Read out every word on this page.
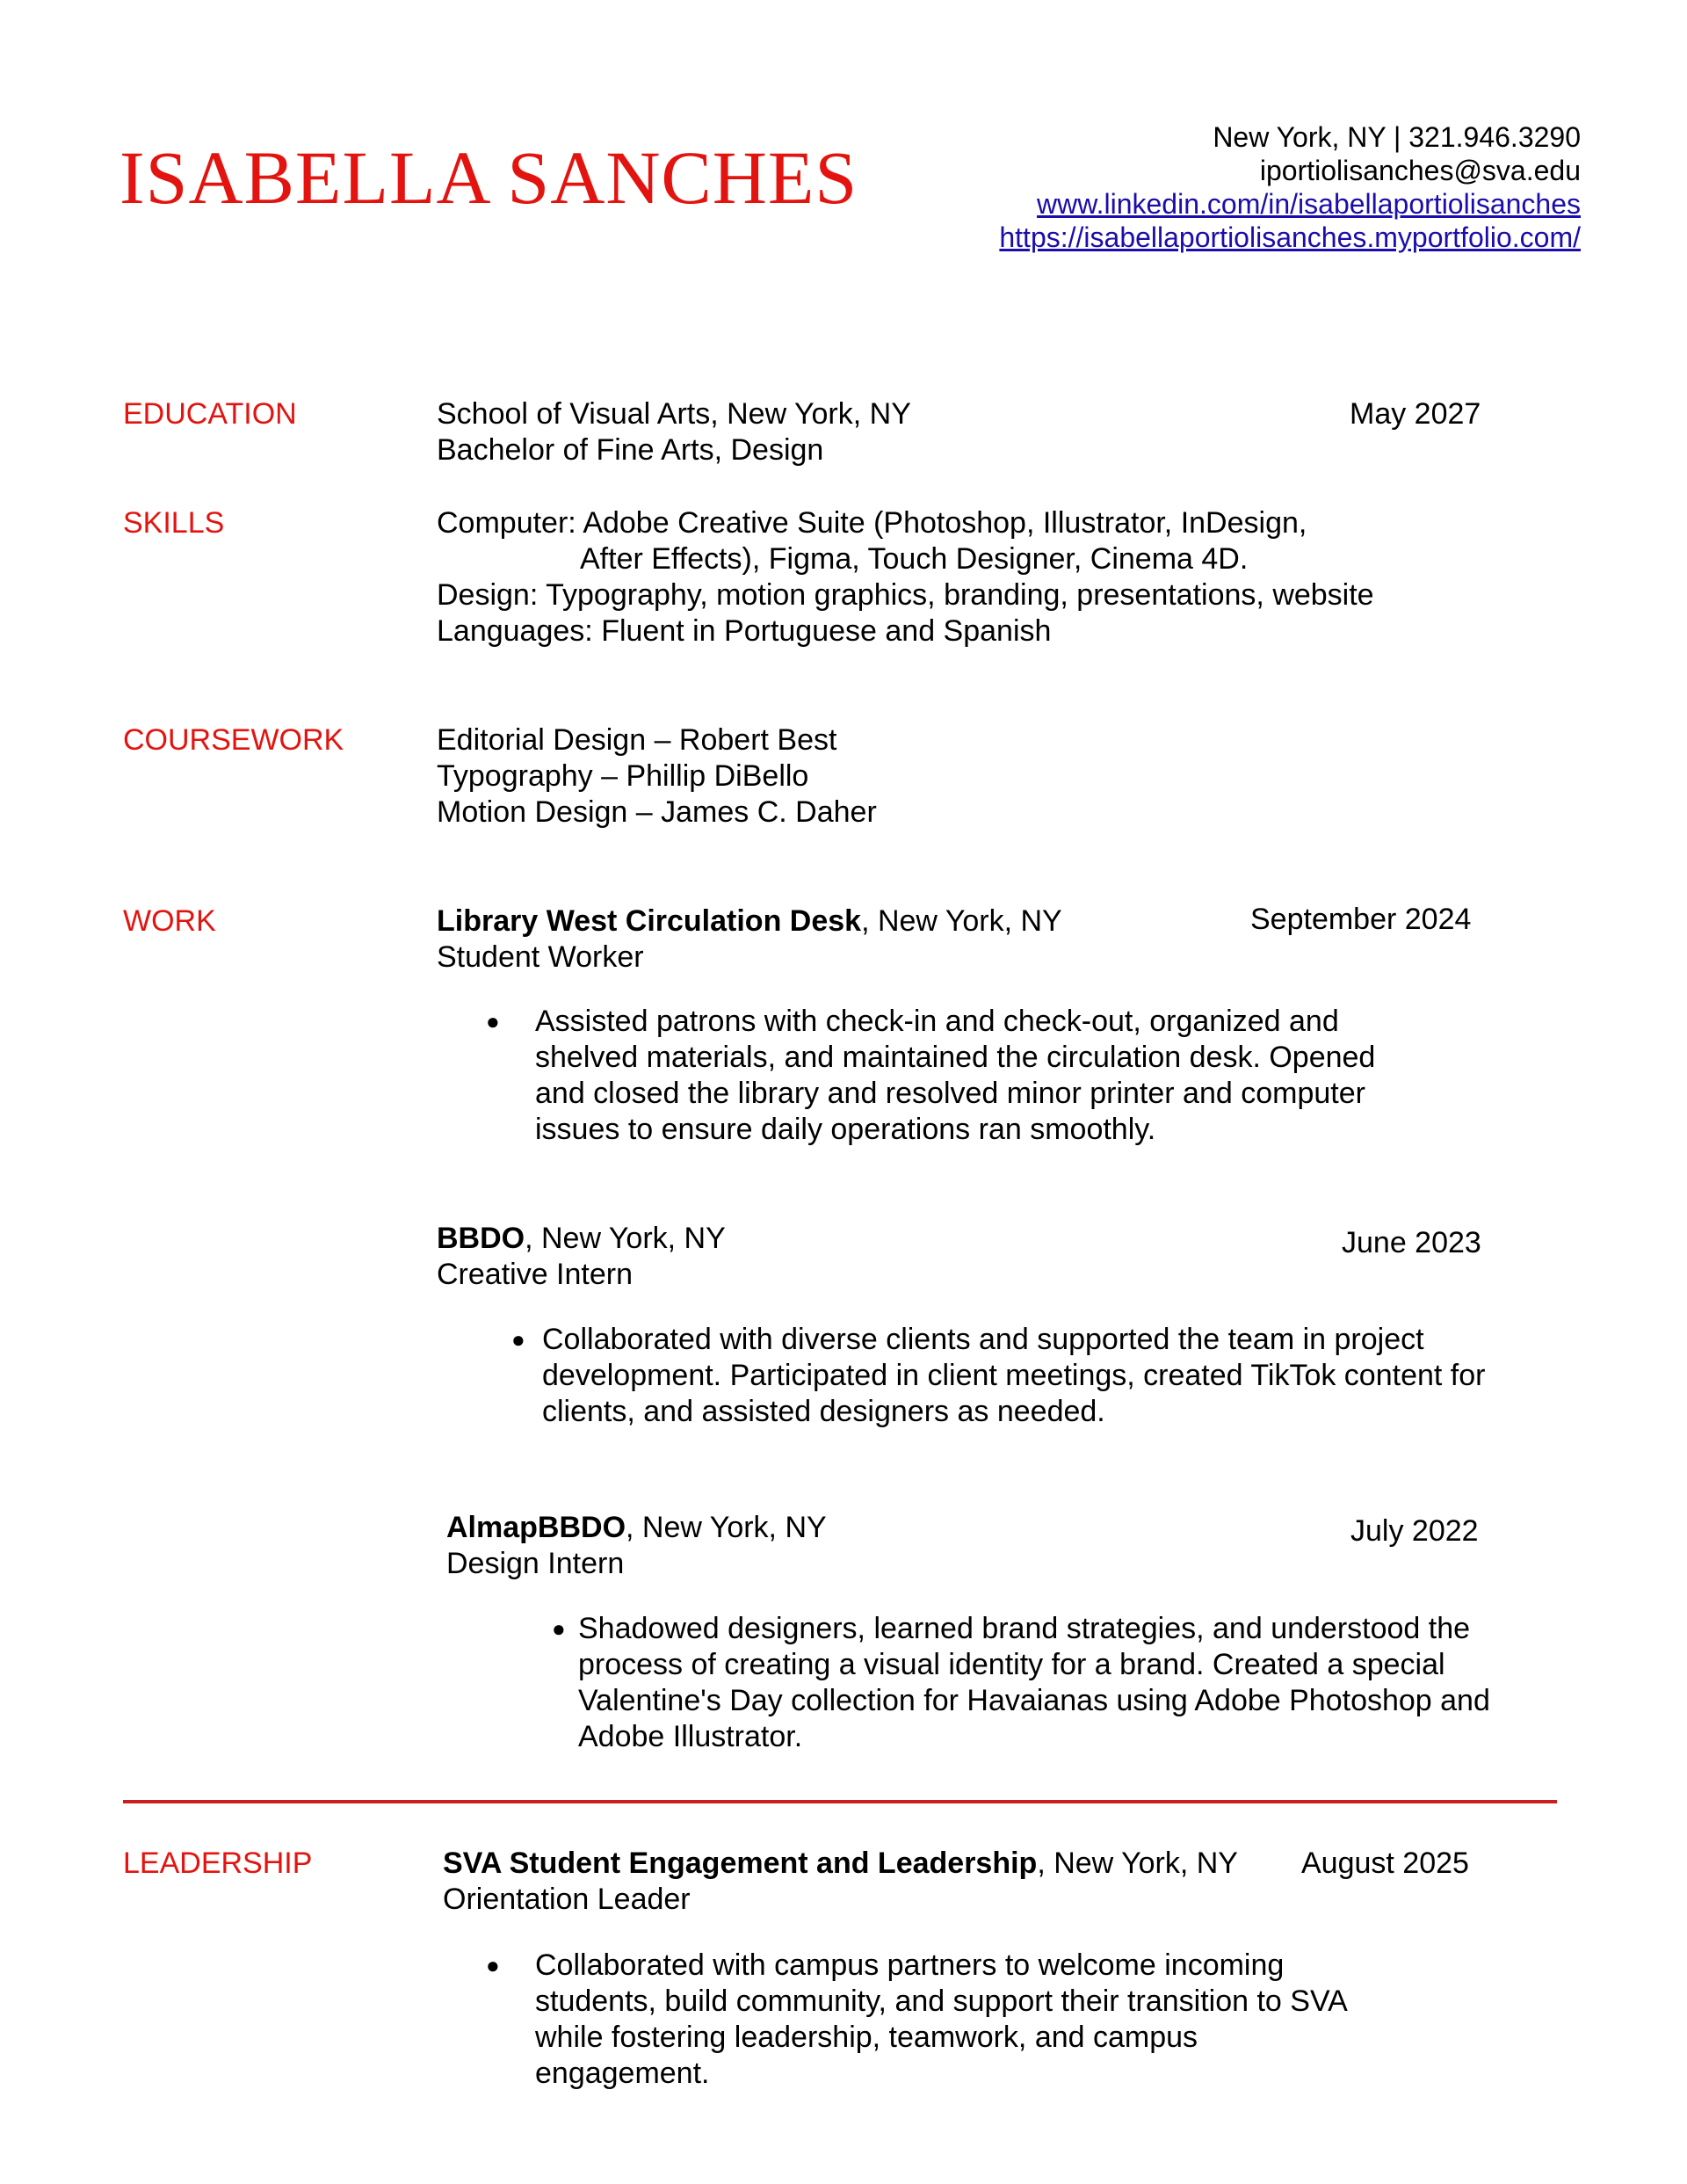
ISABELLA SANCHES	New York, NY | 321.946.3290
iportiolisanches@sva.edu
www.linkedin.com/in/isabellaportiolisanches
https://isabellaportiolisanches.myportfolio.com/
EDUCATION	School of Visual Arts, New York, NY	May 2027
Bachelor of Fine Arts, Design
SKILLS	Computer: Adobe Creative Suite (Photoshop, Illustrator, InDesign,
After Effects), Figma, Touch Designer, Cinema 4D.
Design: Typography, motion graphics, branding, presentations, website
Languages: Fluent in Portuguese and Spanish
COURSEWORK	Editorial Design – Robert Best
Typography – Phillip DiBello
Motion Design – James C. Daher
WORK	Library West Circulation Desk, New York, NY	September 2024
Student Worker
● Assisted patrons with check-in and check-out, organized and
shelved materials, and maintained the circulation desk. Opened
and closed the library and resolved minor printer and computer
issues to ensure daily operations ran smoothly.
BBDO, New York, NY	June 2023
Creative Intern
● Collaborated with diverse clients and supported the team in project
development. Participated in client meetings, created TikTok content for
clients, and assisted designers as needed.
AlmapBBDO, New York, NY	July 2022
Design Intern
● Shadowed designers, learned brand strategies, and understood the
process of creating a visual identity for a brand. Created a special
Valentine's Day collection for Havaianas using Adobe Photoshop and
Adobe Illustrator.
LEADERSHIP	SVA Student Engagement and Leadership, New York, NY August 2025
Orientation Leader
● Collaborated with campus partners to welcome incoming
students, build community, and support their transition to SVA
while fostering leadership, teamwork, and campus
engagement.
